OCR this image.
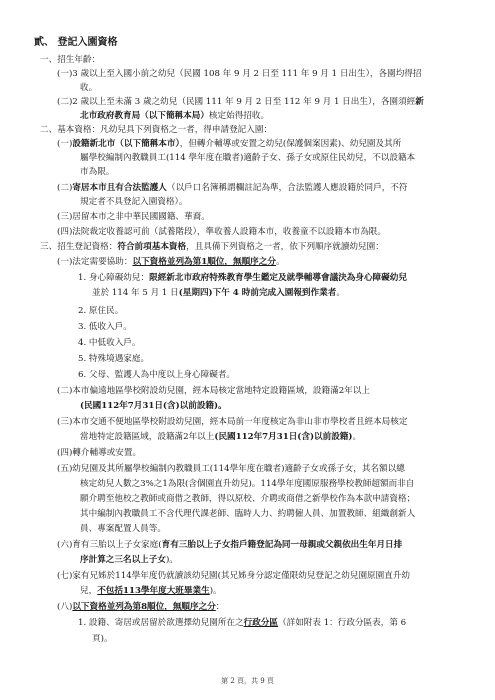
貳、 登記入園資格
一、招生年齡：
(一)3 歲以上至入國小前之幼兒（民國 108 年 9 月 2 日至 111 年 9 月 1 日出生），各園均得招
收。
(二)2 歲以上至未滿 3 歲之幼兒（民國 111 年 9 月 2 日至 112 年 9 月 1 日出生），各園須經新
北市政府教育局（以下簡稱本局）核定始得招收。
二、基本資格：凡幼兒具下列資格之一者，得申請登記入園：
(一)設籍新北市（以下簡稱本市），但轉介輔導或安置之幼兒(保護個案因素)、幼兒園及其所
屬學校編制內教職員工(114 學年度在職者)適齡子女、孫子女或原住民幼兒，不以設籍本
市為限。
(二)寄居本市且有合法監護人（以戶口名簿稱謂欄註記為準，合法監護人應設籍於同戶，不符
規定者不具登記入園資格）。
(三)居留本市之非中華民國國籍、華裔。
(四)法院裁定收養認可前（試養階段），準收養人設籍本市，收養童不以設籍本市為限。
三、招生登記資格：符合前項基本資格，且具備下列資格之一者，依下列順序就讀幼兒園：
(一)法定需要協助：以下資格並列為第1順位，無順序之分。
1. 身心障礙幼兒：限經新北市政府特殊教育學生鑑定及就學輔導會議決為身心障礙幼兒
並於 114 年 5 月 1 日(星期四)下午 4 時前完成入園報到作業者。
2. 原住民。
3. 低收入戶。
4. 中低收入戶。
5. 特殊境遇家庭。
6. 父母、監護人為中度以上身心障礙者。
(二)本市偏遠地區學校附設幼兒園，經本局核定當地特定設籍區域，設籍滿2年以上
(民國112年7月31日(含)以前設籍)。
(三)本市交通不便地區學校附設幼兒園，經本局前一年度核定為非山非市學校者且經本局核定
當地特定設籍區域，設籍滿2年以上(民國112年7月31日(含)以前設籍)。
(四)轉介輔導或安置。
(五)幼兒園及其所屬學校編制內教職員工(114學年度在職者)適齡子女或孫子女，其名額以總
核定幼兒人數之3%之1為限(含個園直升幼兒)。114學年度國原服務學校教師超額而非自
願介聘至他校之教師或商借之教師，得以原校、介聘或商借之新學校作為本款申請資格；
其中編制內教職員工不含代理代課老師、臨時人力、約聘僱人員、加置教師、組織創新人
員、專案配置人員等。
(六)育有三胎以上子女家庭(育有三胎以上子女指戶籍登記為同一母親或父親依出生年月日排
序計算之三名以上子女)。
(七)家有兄姊於114學年度仍就讀該幼兒園(其兄姊身分認定僅限幼兒登記之幼兒園原園直升幼
兒，不包括113學年度大班畢業生)。
(八)以下資格並列為第8順位，無順序之分：
1. 設籍、寄居或居留於欲選擇幼兒園所在之行政分區（詳如附表 1：行政分區表，第 6
頁)。
第 2 頁，共 9 頁
